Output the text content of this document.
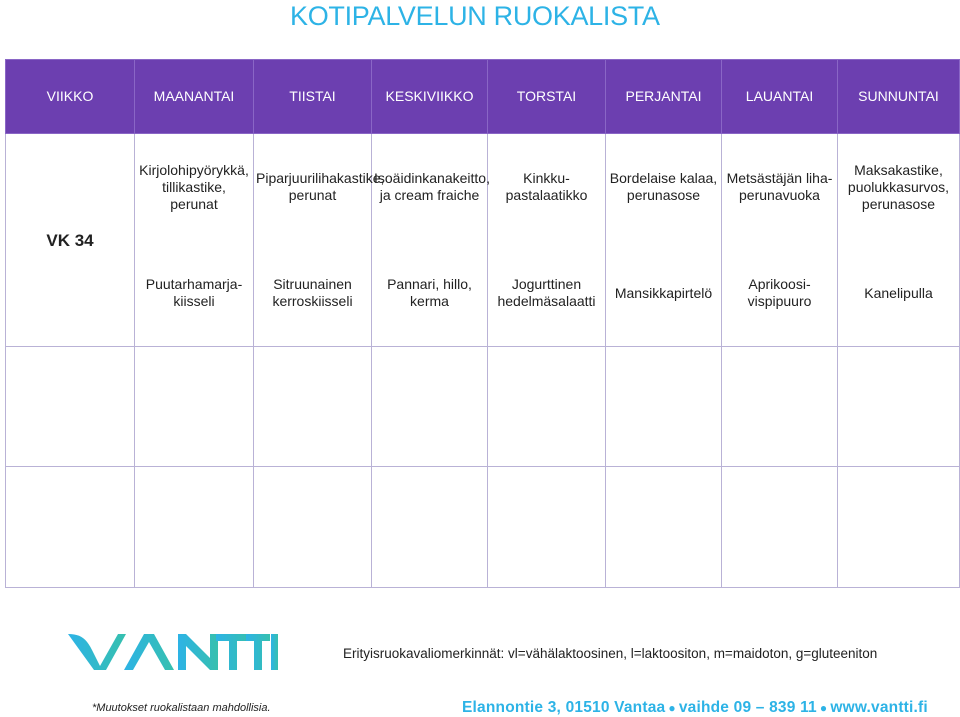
KOTIPALVELUN RUOKALISTA
VIIKKO	MAANANTAI	TIISTAI	KESKIVIIKKO	TORSTAI	PERJANTAI	LAUANTAI	SUNNUNTAI
VK 34	Kirjolohipyörykkä, tillikastike, perunat	Piparjuurilihakastike, perunat	Isoäidinkanakeitto, ja cream fraiche	Kinkku-pastalaatikko	Bordelaise kalaa, perunasose	Metsästäjän liha-perunavuoka	Maksakastike, puolukkasurvos, perunasose
	Puutarhamarja-kiisseli	Sitruunainen kerroskiisseli	Pannari, hillo, kerma	Jogurttinen hedelmäsalaatti	Mansikkapirtelö	Aprikoosi-vispipuuro	Kanelipulla

Erityisruokavaliomerkinnät: vl=vähälaktoosinen, l=laktoositon, m=maidoton, g=gluteeniton
*Muutokset ruokalistaan mahdollisia.	Elannontie 3, 01510 Vantaa ● vaihde 09 – 839 11 ● www.vantti.fi
